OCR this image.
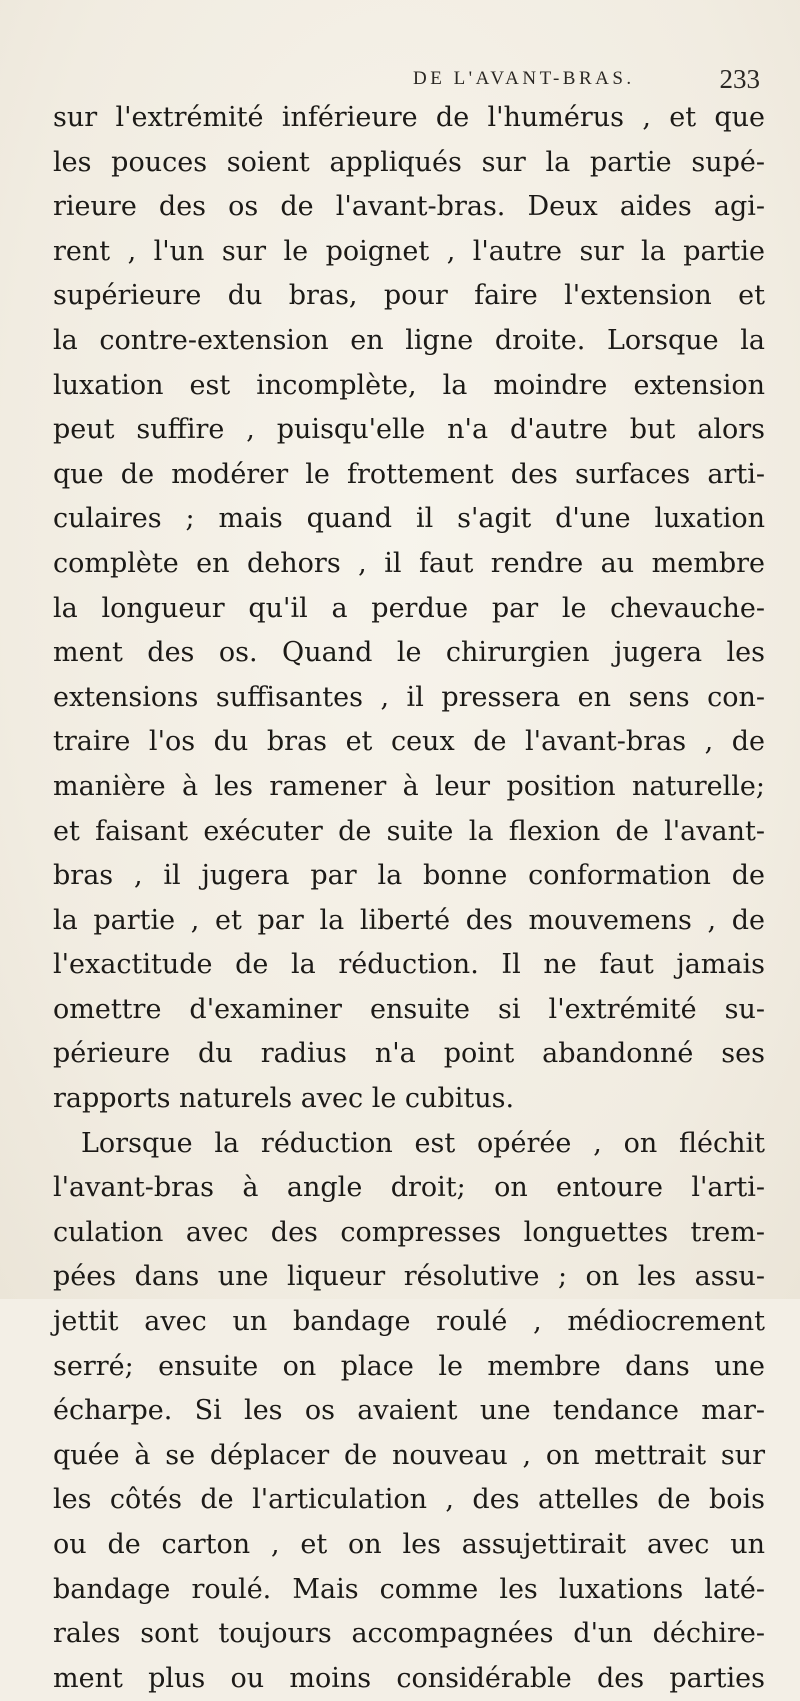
DE L'AVANT-BRAS.	233
sur l'extrémité inférieure de l'humérus , et que
les pouces soient appliqués sur la partie supé-
rieure des os de l'avant-bras. Deux aides agi-
rent , l'un sur le poignet , l'autre sur la partie
supérieure du bras, pour faire l'extension et
la contre-extension en ligne droite. Lorsque la
luxation est incomplète, la moindre extension
peut suffire , puisqu'elle n'a d'autre but alors
que de modérer le frottement des surfaces arti-
culaires ; mais quand il s'agit d'une luxation
complète en dehors , il faut rendre au membre
la longueur qu'il a perdue par le chevauche-
ment des os. Quand le chirurgien jugera les
extensions suffisantes , il pressera en sens con-
traire l'os du bras et ceux de l'avant-bras , de
manière à les ramener à leur position naturelle;
et faisant exécuter de suite la flexion de l'avant-
bras , il jugera par la bonne conformation de
la partie , et par la liberté des mouvemens , de
l'exactitude de la réduction. Il ne faut jamais
omettre d'examiner ensuite si l'extrémité su-
périeure du radius n'a point abandonné ses
rapports naturels avec le cubitus.
Lorsque la réduction est opérée , on fléchit
l'avant-bras à angle droit; on entoure l'arti-
culation avec des compresses longuettes trem-
pées dans une liqueur résolutive ; on les assu-
jettit avec un bandage roulé , médiocrement
serré; ensuite on place le membre dans une
écharpe. Si les os avaient une tendance mar-
quée à se déplacer de nouveau , on mettrait sur
les côtés de l'articulation , des attelles de bois
ou de carton , et on les assujettirait avec un
bandage roulé. Mais comme les luxations laté-
rales sont toujours accompagnées d'un déchire-
ment plus ou moins considérable des parties
